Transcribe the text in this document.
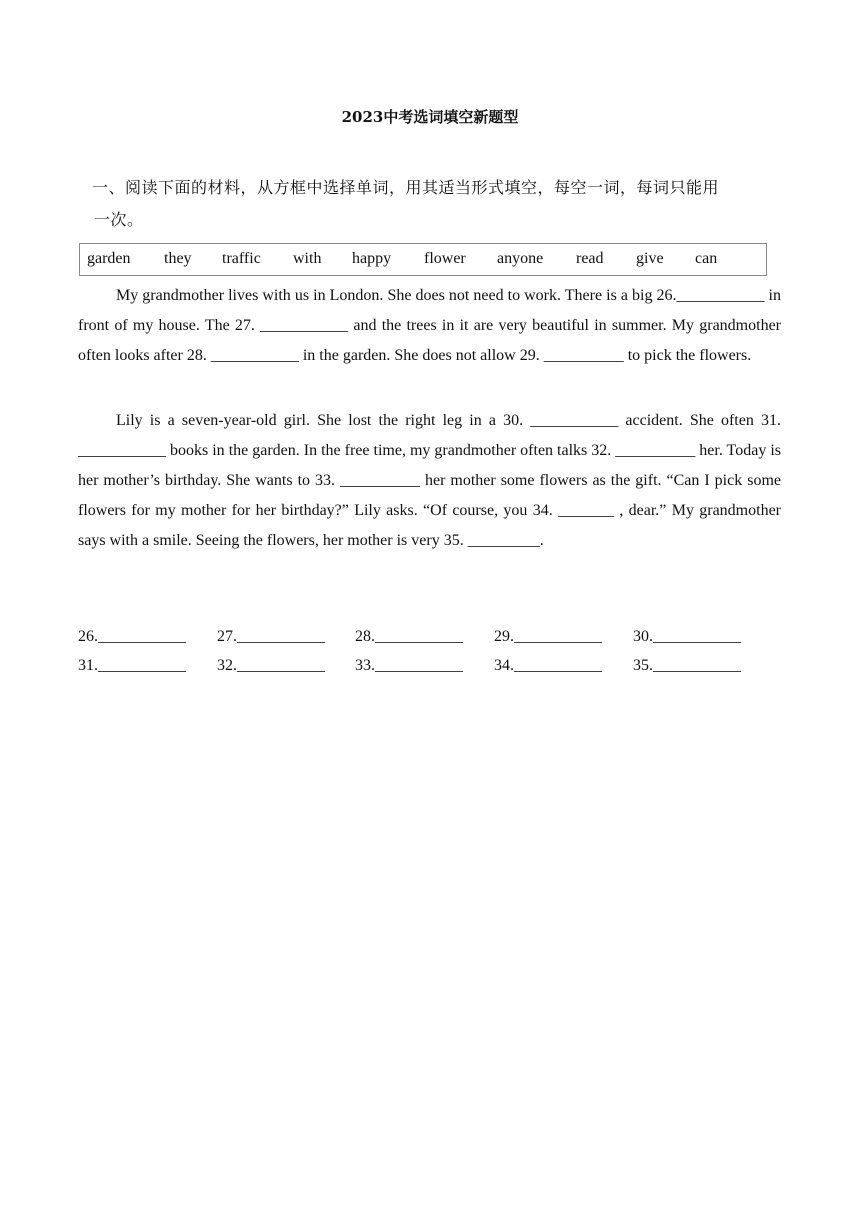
2023中考选词填空新题型
一、阅读下面的材料，从方框中选择单词，用其适当形式填空，每空一词，每词只能用
一次。
garden they traffic with happy flower anyone read give can

My grandmother lives with us in London. She does not need to work. There is a big 26.___________ in front of my house. The 27. ___________ and the trees in it are very beautiful in summer. My grandmother often looks after 28. ___________ in the garden. She does not allow 29. __________ to pick the flowers.

Lily is a seven-year-old girl. She lost the right leg in a 30. ___________ accident. She often 31. ___________ books in the garden. In the free time, my grandmother often talks 32. __________ her. Today is her mother’s birthday. She wants to 33. __________ her mother some flowers as the gift. “Can I pick some flowers for my mother for her birthday?” Lily asks. “Of course, you 34. _______ , dear.” My grandmother says with a smile. Seeing the flowers, her mother is very 35. _________.

26.___________ 27.___________ 28.___________ 29.___________ 30.___________
31.___________ 32.___________ 33.___________ 34.___________ 35.___________
